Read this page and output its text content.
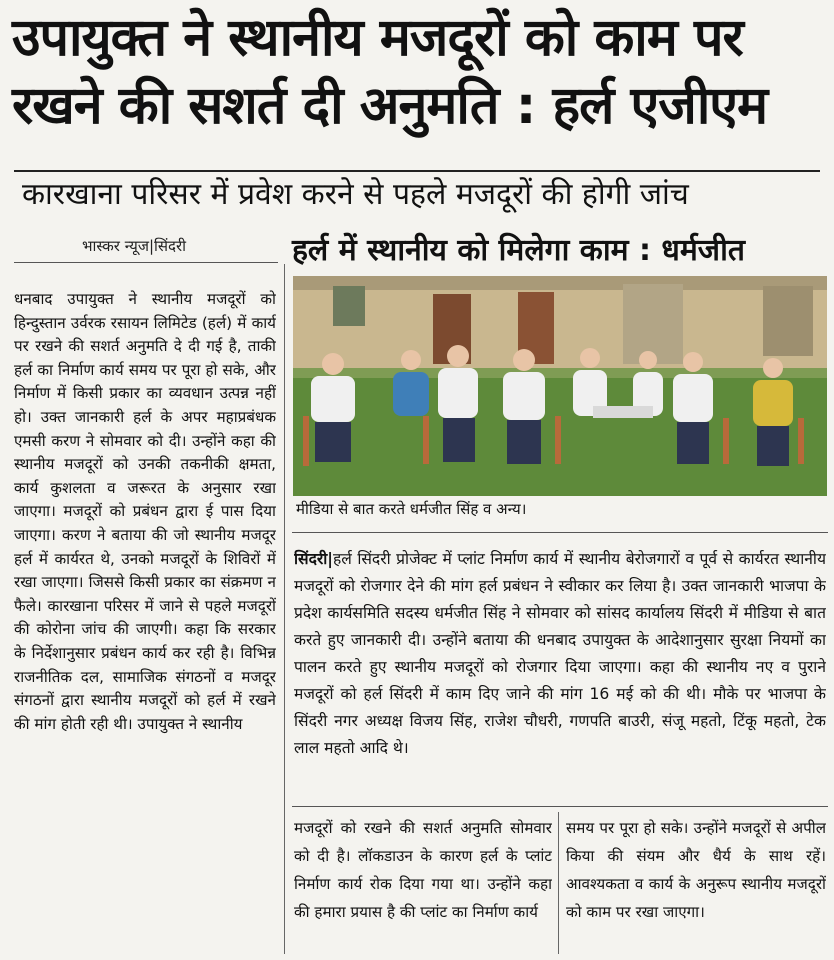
उपायुक्त ने स्थानीय मजदूरों को काम पर
रखने की सशर्त दी अनुमति : हर्ल एजीएम
कारखाना परिसर में प्रवेश करने से पहले मजदूरों की होगी जांच
भास्कर न्यूज|सिंदरी	हर्ल में स्थानीय को मिलेगा काम : धर्मजीत

धनबाद उपायुक्त ने स्थानीय मजदूरों को हिन्दुस्तान उर्वरक रसायन लिमिटेड (हर्ल) में कार्य पर रखने की सशर्त अनुमति दे दी गई है, ताकी हर्ल का निर्माण कार्य समय पर पूरा हो सके, और निर्माण में किसी प्रकार का व्यवधान उत्पन्न नहीं हो। उक्त जानकारी हर्ल के अपर महाप्रबंधक एमसी करण ने सोमवार को दी। उन्होंने कहा की स्थानीय मजदूरों को उनकी तकनीकी क्षमता, कार्य कुशलता व जरूरत के अनुसार रखा जाएगा। मजदूरों को प्रबंधन द्वारा ई पास दिया जाएगा। करण ने बताया की जो स्थानीय मजदूर हर्ल में कार्यरत थे, उनको मजदूरों के शिविरों में रखा जाएगा। जिससे किसी प्रकार का संक्रमण न फैले। कारखाना परिसर में जाने से पहले मजदूरों की कोरोना जांच की जाएगी। कहा कि सरकार के निर्देशानुसार प्रबंधन कार्य कर रही है। विभिन्न राजनीतिक दल, सामाजिक संगठनों व मजदूर संगठनों द्वारा स्थानीय मजदूरों को हर्ल में रखने की मांग होती रही थी। उपायुक्त ने स्थानीय

मीडिया से बात करते धर्मजीत सिंह व अन्य।

सिंदरी|हर्ल सिंदरी प्रोजेक्ट में प्लांट निर्माण कार्य में स्थानीय बेरोजगारों व पूर्व से कार्यरत स्थानीय मजदूरों को रोजगार देने की मांग हर्ल प्रबंधन ने स्वीकार कर लिया है। उक्त जानकारी भाजपा के प्रदेश कार्यसमिति सदस्य धर्मजीत सिंह ने सोमवार को सांसद कार्यालय सिंदरी में मीडिया से बात करते हुए जानकारी दी। उन्होंने बताया की धनबाद उपायुक्त के आदेशानुसार सुरक्षा नियमों का पालन करते हुए स्थानीय मजदूरों को रोजगार दिया जाएगा। कहा की स्थानीय नए व पुराने मजदूरों को हर्ल सिंदरी में काम दिए जाने की मांग 16 मई को की थी। मौके पर भाजपा के सिंदरी नगर अध्यक्ष विजय सिंह, राजेश चौधरी, गणपति बाउरी, संजू महतो, टिंकू महतो, टेक लाल महतो आदि थे।

मजदूरों को रखने की सशर्त अनुमति सोमवार को दी है। लॉकडाउन के कारण हर्ल के प्लांट निर्माण कार्य रोक दिया गया था। उन्होंने कहा की हमारा प्रयास है की प्लांट का निर्माण कार्य

समय पर पूरा हो सके। उन्होंने मजदूरों से अपील किया की संयम और धैर्य के साथ रहें। आवश्यकता व कार्य के अनुरूप स्थानीय मजदूरों को काम पर रखा जाएगा।
